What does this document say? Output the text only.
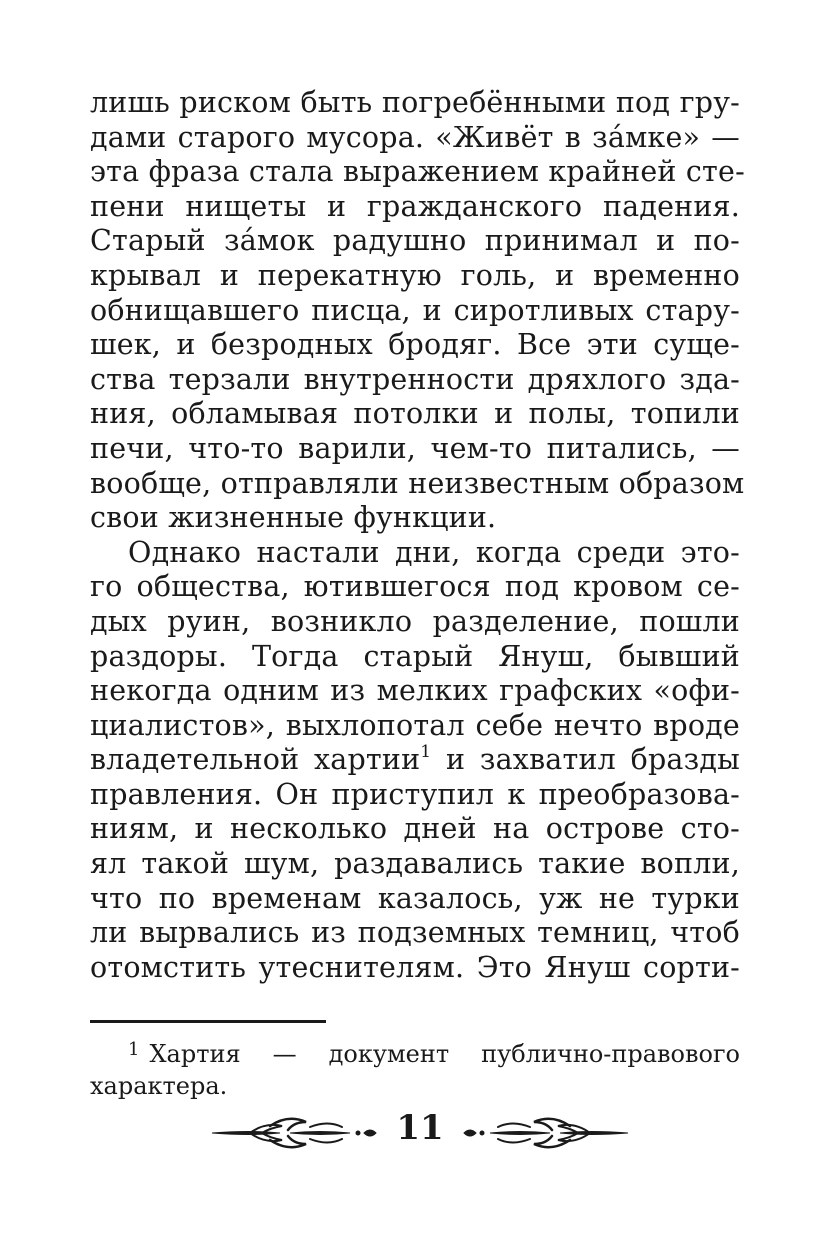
лишь риском быть погребёнными под гру-
дами старого мусора. «Живёт в за́мке» —
эта фраза стала выражением крайней сте-
пени нищеты и гражданского падения.
Старый за́мок радушно принимал и по-
крывал и перекатную голь, и временно
обнищавшего писца, и сиротливых стару-
шек, и безродных бродяг. Все эти суще-
ства терзали внутренности дряхлого зда-
ния, обламывая потолки и полы, топили
печи, что-то варили, чем-то питались, —
вообще, отправляли неизвестным образом
свои жизненные функции.
Однако настали дни, когда среди это-
го общества, ютившегося под кровом се-
дых руин, возникло разделение, пошли
раздоры. Тогда старый Януш, бывший
некогда одним из мелких графских «офи-
циалистов», выхлопотал себе нечто вроде
владетельной хартии$^1$ и захватил бразды
правления. Он приступил к преобразова-
ниям, и несколько дней на острове сто-
ял такой шум, раздавались такие вопли,
что по временам казалось, уж не турки
ли вырвались из подземных темниц, чтоб
отомстить утеснителям. Это Януш сорти-
$^1$ Хартия — документ публично-правового
характера.
11
